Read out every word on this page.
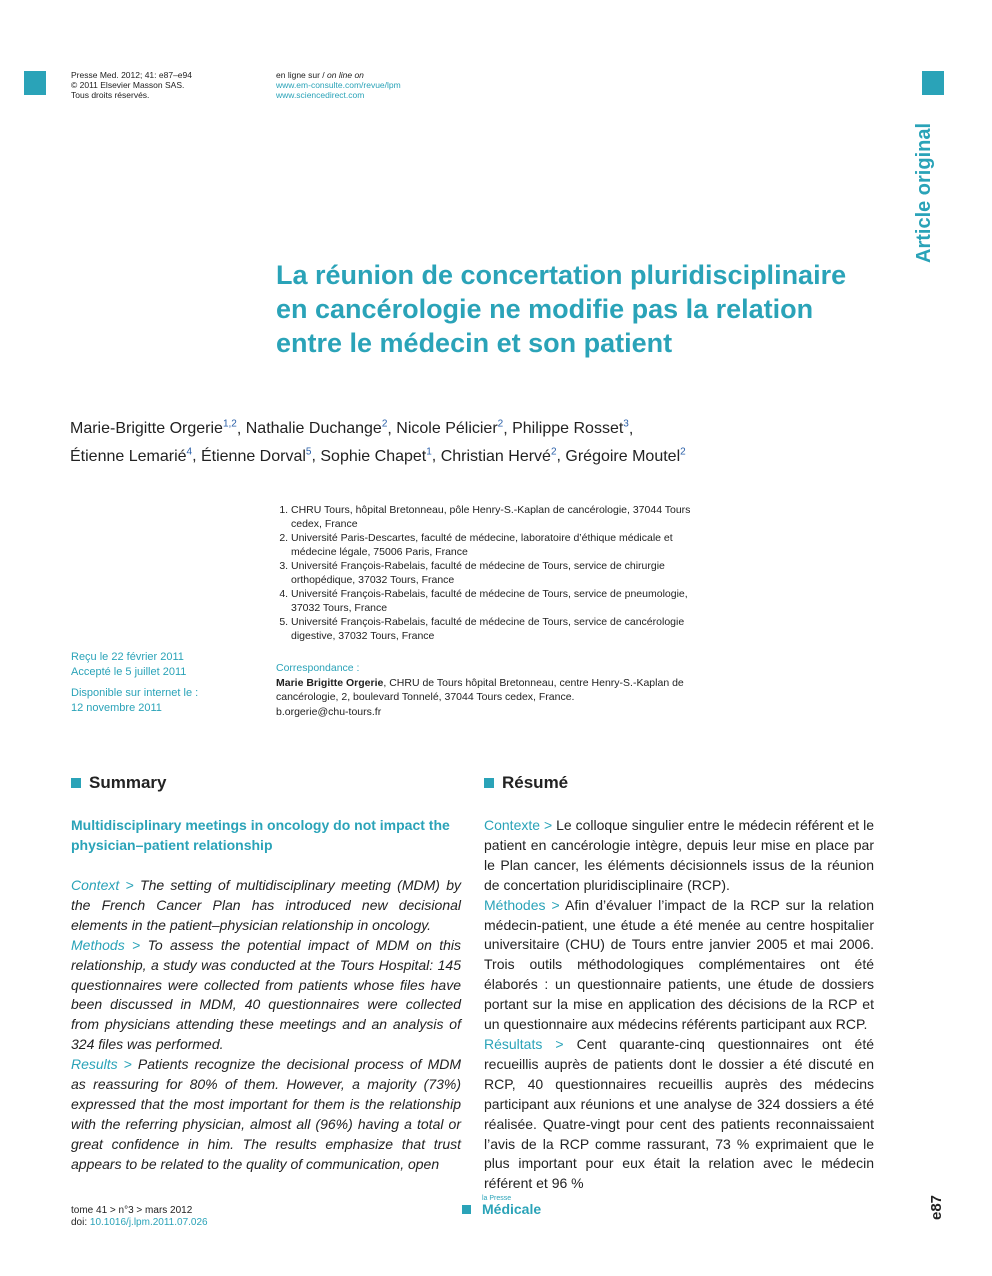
Presse Med. 2012; 41: e87–e94
© 2011 Elsevier Masson SAS.
Tous droits réservés.
en ligne sur / on line on
www.em-consulte.com/revue/lpm
www.sciencedirect.com
Article original
La réunion de concertation pluridisciplinaire en cancérologie ne modifie pas la relation entre le médecin et son patient
Marie-Brigitte Orgerie$^{1,2}$, Nathalie Duchange$^2$, Nicole Pélicier$^2$, Philippe Rosset$^3$,
Étienne Lemarié$^4$, Étienne Dorval$^5$, Sophie Chapet$^1$, Christian Hervé$^2$, Grégoire Moutel$^2$
1. CHRU Tours, hôpital Bretonneau, pôle Henry-S.-Kaplan de cancérologie, 37044 Tours cedex, France
2. Université Paris-Descartes, faculté de médecine, laboratoire d’éthique médicale et médecine légale, 75006 Paris, France
3. Université François-Rabelais, faculté de médecine de Tours, service de chirurgie orthopédique, 37032 Tours, France
4. Université François-Rabelais, faculté de médecine de Tours, service de pneumologie, 37032 Tours, France
5. Université François-Rabelais, faculté de médecine de Tours, service de cancérologie digestive, 37032 Tours, France
Reçu le 22 février 2011
Accepté le 5 juillet 2011
Disponible sur internet le :
12 novembre 2011
Correspondance :
Marie Brigitte Orgerie, CHRU de Tours hôpital Bretonneau, centre Henry-S.-Kaplan de cancérologie, 2, boulevard Tonnelé, 37044 Tours cedex, France.
b.orgerie@chu-tours.fr
Summary	Résumé
Multidisciplinary meetings in oncology do not impact the physician–patient relationship
Context > The setting of multidisciplinary meeting (MDM) by the French Cancer Plan has introduced new decisional elements in the patient–physician relationship in oncology.
Methods > To assess the potential impact of MDM on this relationship, a study was conducted at the Tours Hospital: 145 questionnaires were collected from patients whose files have been discussed in MDM, 40 questionnaires were collected from physicians attending these meetings and an analysis of 324 files was performed.
Results > Patients recognize the decisional process of MDM as reassuring for 80% of them. However, a majority (73%) expressed that the most important for them is the relationship with the referring physician, almost all (96%) having a total or great confidence in him. The results emphasize that trust appears to be related to the quality of communication, open
Contexte > Le colloque singulier entre le médecin référent et le patient en cancérologie intègre, depuis leur mise en place par le Plan cancer, les éléments décisionnels issus de la réunion de concertation pluridisciplinaire (RCP).
Méthodes > Afin d’évaluer l’impact de la RCP sur la relation médecin-patient, une étude a été menée au centre hospitalier universitaire (CHU) de Tours entre janvier 2005 et mai 2006. Trois outils méthodologiques complémentaires ont été élaborés : un questionnaire patients, une étude de dossiers portant sur la mise en application des décisions de la RCP et un questionnaire aux médecins référents participant aux RCP.
Résultats > Cent quarante-cinq questionnaires ont été recueillis auprès de patients dont le dossier a été discuté en RCP, 40 questionnaires recueillis auprès des médecins participant aux réunions et une analyse de 324 dossiers a été réalisée. Quatre-vingt pour cent des patients reconnaissaient l’avis de la RCP comme rassurant, 73 % exprimaient que le plus important pour eux était la relation avec le médecin référent et 96 %
tome 41 > n°3 > mars 2012
doi: 10.1016/j.lpm.2011.07.026
la Presse
Médicale	e87
